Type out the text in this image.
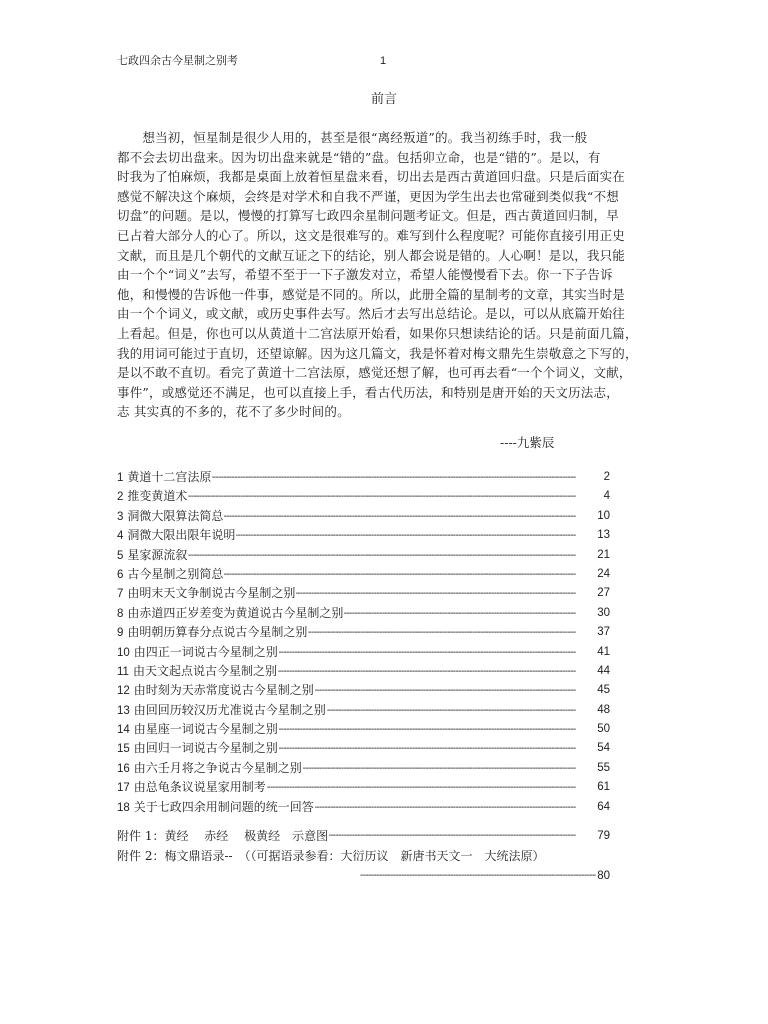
七政四余古今星制之别考	1
前言
　　想当初，恒星制是很少人用的，甚至是很“离经叛道”的。我当初练手时，我一般
都不会去切出盘来。因为切出盘来就是“错的”盘。包括卯立命，也是“错的”。是以，有
时我为了怕麻烦，我都是桌面上放着恒星盘来看，切出去是西古黄道回归盘。只是后面实在
感觉不解决这个麻烦，会终是对学术和自我不严谨，更因为学生出去也常碰到类似我“不想
切盘”的问题。是以，慢慢的打算写七政四余星制问题考证文。但是，西古黄道回归制，早
已占着大部分人的心了。所以，这文是很难写的。难写到什么程度呢？可能你直接引用正史
文献，而且是几个朝代的文献互证之下的结论，别人都会说是错的。人心啊！是以，我只能
由一个个“词义”去写，希望不至于一下子激发对立，希望人能慢慢看下去。你一下子告诉
他，和慢慢的告诉他一件事，感觉是不同的。所以，此册全篇的星制考的文章，其实当时是
由一个个词义，或文献，或历史事件去写。然后才去写出总结论。是以，可以从底篇开始往
上看起。但是，你也可以从黄道十二宫法原开始看，如果你只想读结论的话。只是前面几篇，
我的用词可能过于直切，还望谅解。因为这几篇文，我是怀着对梅文鼎先生崇敬意之下写的，
是以不敢不直切。看完了黄道十二宫法原，感觉还想了解，也可再去看“一个个词义，文献，
事件”，或感觉还不满足，也可以直接上手，看古代历法，和特别是唐开始的天文历法志，
志 其实真的不多的，花不了多少时间的。
----九紫辰
1 黄道十二宫法原	2
-----
2 推变黄道术	4
-----
3 洞微大限算法简总	10
-----
4 洞微大限出限年说明	13
-----
5 星家源流叙	21
-----
6 古今星制之别简总	24
-----
7 由明末天文争制说古今星制之别	27
-----
8 由赤道四正岁差变为黄道说古今星制之别	30
-----
9 由明朝历算春分点说古今星制之别	37
-----
10 由四正一词说古今星制之别	41
-----
11 由天文起点说古今星制之别	44
-----
12 由时刻为天赤常度说古今星制之别	45
-----
13 由回回历较汉历尤准说古今星制之别	48
-----
14 由星座一词说古今星制之别	50
-----
15 由回归一词说古今星制之别	54
-----
16 由六壬月将之争说古今星制之别	55
-----
17 由总龟条议说星家用制考	61
-----
18 关于七政四余用制问题的统一回答	64
-----
附件 1：黄经　 赤经　 极黄经　示意图	79
-----
附件 2：梅文鼎语录--　（（可据语录参看：大衍历议　新唐书天文一　大统法原）
80
-----
